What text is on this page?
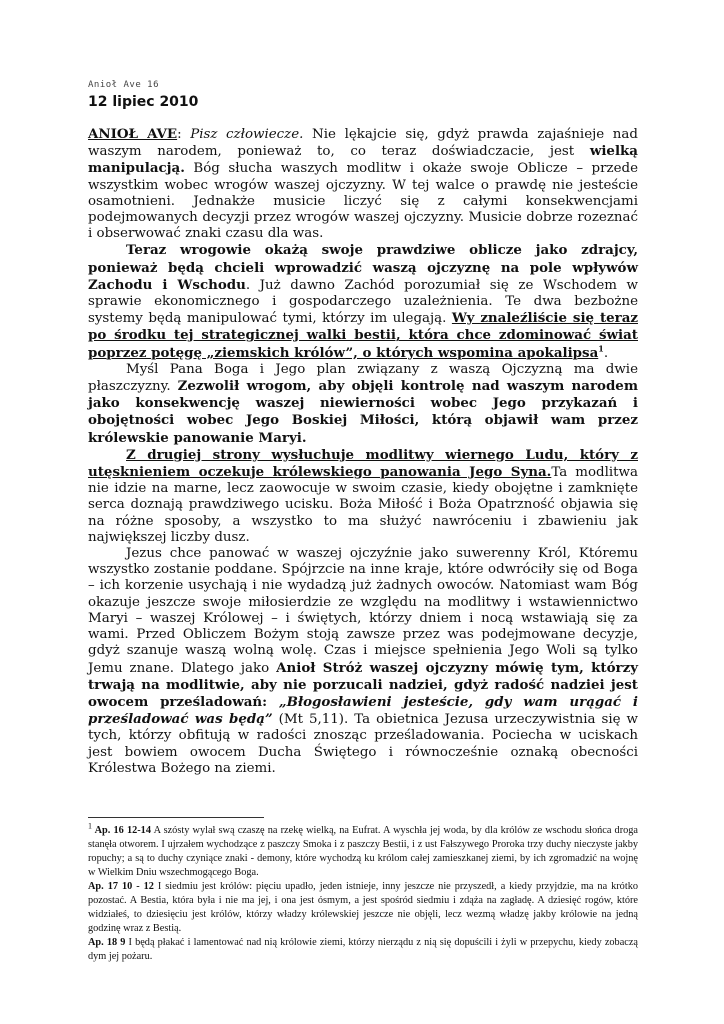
Anioł Ave 16
12 lipiec 2010

ANIOŁ AVE: Pisz człowiecze. Nie lękajcie się, gdyż prawda zajaśnieje nad waszym narodem, ponieważ to, co teraz doświadczacie, jest wielką manipulacją. Bóg słucha waszych modlitw i okaże swoje Oblicze – przede wszystkim wobec wrogów waszej ojczyzny. W tej walce o prawdę nie jesteście osamotnieni. Jednakże musicie liczyć się z całymi konsekwencjami podejmowanych decyzji przez wrogów waszej ojczyzny. Musicie dobrze rozeznać i obserwować znaki czasu dla was.

Teraz wrogowie okażą swoje prawdziwe oblicze jako zdrajcy, ponieważ będą chcieli wprowadzić waszą ojczyznę na pole wpływów Zachodu i Wschodu. Już dawno Zachód porozumiał się ze Wschodem w sprawie ekonomicznego i gospodarczego uzależnienia. Te dwa bezbożne systemy będą manipulować tymi, którzy im ulegają. Wy znaleźliście się teraz po środku tej strategicznej walki bestii, która chce zdominować świat poprzez potęgę „ziemskich królów”, o których wspomina apokalipsa$^1$.

Myśl Pana Boga i Jego plan związany z waszą Ojczyzną ma dwie płaszczyzny. Zezwolił wrogom, aby objęli kontrolę nad waszym narodem jako konsekwencję waszej niewierności wobec Jego przykazań i obojętności wobec Jego Boskiej Miłości, którą objawił wam przez królewskie panowanie Maryi.

Z drugiej strony wysłuchuje modlitwy wiernego Ludu, który z utęsknieniem oczekuje królewskiego panowania Jego Syna.Ta modlitwa nie idzie na marne, lecz zaowocuje w swoim czasie, kiedy obojętne i zamknięte serca doznają prawdziwego ucisku. Boża Miłość i Boża Opatrzność objawia się na różne sposoby, a wszystko to ma służyć nawróceniu i zbawieniu jak największej liczby dusz.

Jezus chce panować w waszej ojczyźnie jako suwerenny Król, Któremu wszystko zostanie poddane. Spójrzcie na inne kraje, które odwróciły się od Boga – ich korzenie usychają i nie wydadzą już żadnych owoców. Natomiast wam Bóg okazuje jeszcze swoje miłosierdzie ze względu na modlitwy i wstawiennictwo Maryi – waszej Królowej – i świętych, którzy dniem i nocą wstawiają się za wami. Przed Obliczem Bożym stoją zawsze przez was podejmowane decyzje, gdyż szanuje waszą wolną wolę. Czas i miejsce spełnienia Jego Woli są tylko Jemu znane. Dlatego jako Anioł Stróż waszej ojczyzny mówię tym, którzy trwają na modlitwie, aby nie porzucali nadziei, gdyż radość nadziei jest owocem prześladowań: „Błogosławieni jesteście, gdy wam urągać i prześladować was będą” (Mt 5,11). Ta obietnica Jezusa urzeczywistnia się w tych, którzy obfitują w radości znosząc prześladowania. Pociecha w uciskach jest bowiem owocem Ducha Świętego i równocześnie oznaką obecności Królestwa Bożego na ziemi.

$^1$ Ap. 16 12-14 A szósty wylał swą czaszę na rzekę wielką, na Eufrat. A wyschła jej woda, by dla królów ze wschodu słońca droga stanęła otworem. I ujrzałem wychodzące z paszczy Smoka i z paszczy Bestii, i z ust Fałszywego Proroka trzy duchy nieczyste jakby ropuchy; a są to duchy czyniące znaki - demony, które wychodzą ku królom całej zamieszkanej ziemi, by ich zgromadzić na wojnę w Wielkim Dniu wszechmogącego Boga.

Ap. 17 10 - 12 I siedmiu jest królów: pięciu upadło, jeden istnieje, inny jeszcze nie przyszedł, a kiedy przyjdzie, ma na krótko pozostać. A Bestia, która była i nie ma jej, i ona jest ósmym, a jest spośród siedmiu i zdąża na zagładę. A dziesięć rogów, które widziałeś, to dziesięciu jest królów, którzy władzy królewskiej jeszcze nie objęli, lecz wezmą władzę jakby królowie na jedną godzinę wraz z Bestią.

Ap. 18 9 I będą płakać i lamentować nad nią królowie ziemi, którzy nierządu z nią się dopuścili i żyli w przepychu, kiedy zobaczą dym jej pożaru.
